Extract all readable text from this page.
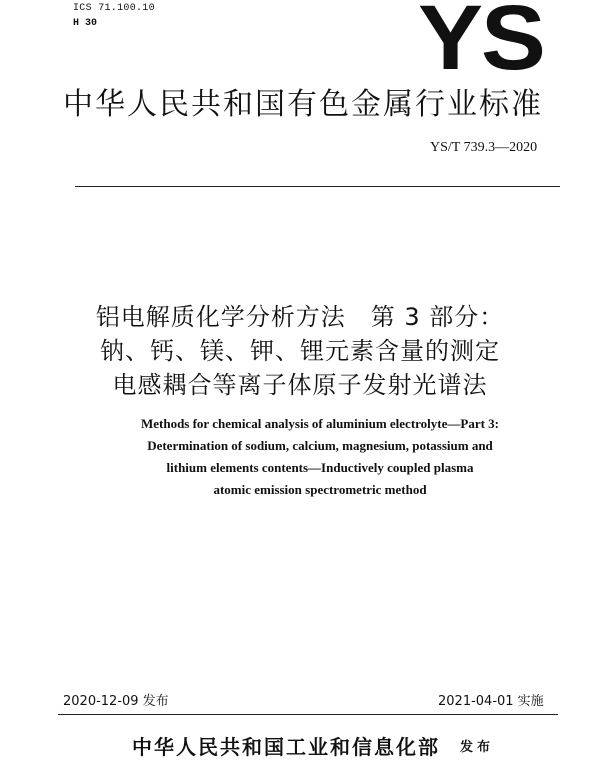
ICS 71.100.10
H 30	YS
中华人民共和国有色金属行业标准
YS/T 739.3—2020
铝电解质化学分析方法　第 3 部分：
钠、钙、镁、钾、锂元素含量的测定
电感耦合等离子体原子发射光谱法
Methods for chemical analysis of aluminium electrolyte—Part 3:
Determination of sodium, calcium, magnesium, potassium and
lithium elements contents—Inductively coupled plasma
atomic emission spectrometric method
2020-12-09 发布	2021-04-01 实施
中华人民共和国工业和信息化部 发布
